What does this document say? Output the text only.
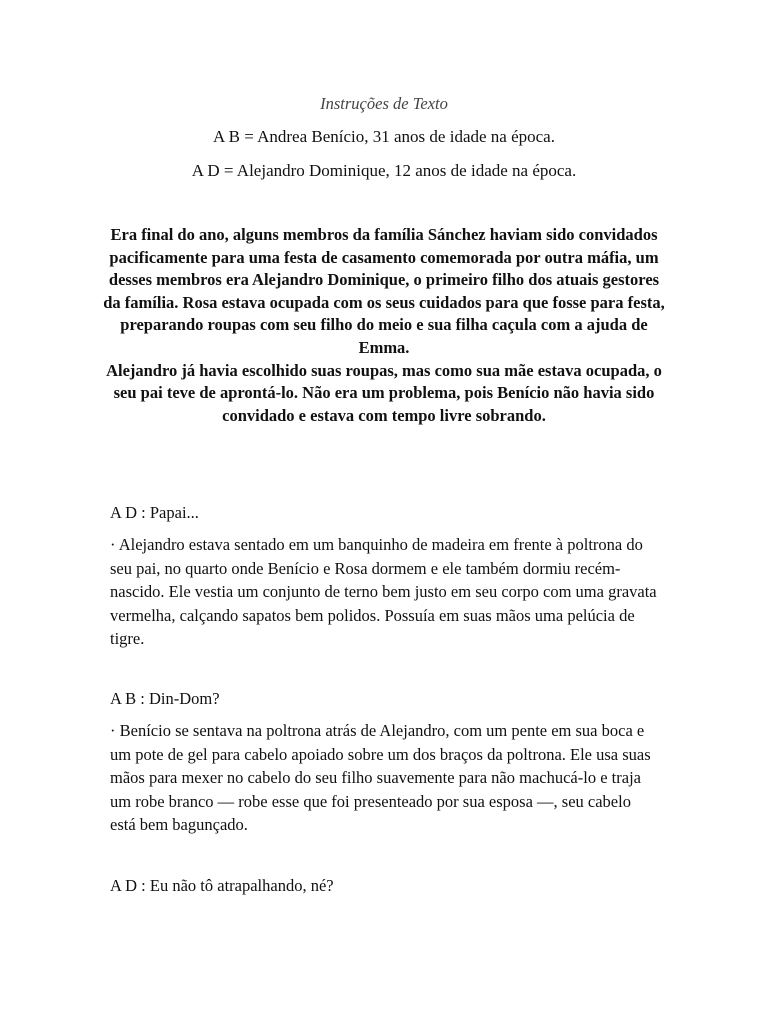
Instruções de Texto

A B = Andrea Benício, 31 anos de idade na época.

A D = Alejandro Dominique, 12 anos de idade na época.

Era final do ano, alguns membros da família Sánchez haviam sido convidados pacificamente para uma festa de casamento comemorada por outra máfia, um desses membros era Alejandro Dominique, o primeiro filho dos atuais gestores da família. Rosa estava ocupada com os seus cuidados para que fosse para festa, preparando roupas com seu filho do meio e sua filha caçula com a ajuda de Emma.

Alejandro já havia escolhido suas roupas, mas como sua mãe estava ocupada, o seu pai teve de aprontá-lo. Não era um problema, pois Benício não havia sido convidado e estava com tempo livre sobrando.

A D : Papai...

· Alejandro estava sentado em um banquinho de madeira em frente à poltrona do seu pai, no quarto onde Benício e Rosa dormem e ele também dormiu recém-nascido. Ele vestia um conjunto de terno bem justo em seu corpo com uma gravata vermelha, calçando sapatos bem polidos. Possuía em suas mãos uma pelúcia de tigre.

A B : Din-Dom?

· Benício se sentava na poltrona atrás de Alejandro, com um pente em sua boca e um pote de gel para cabelo apoiado sobre um dos braços da poltrona. Ele usa suas mãos para mexer no cabelo do seu filho suavemente para não machucá-lo e traja um robe branco — robe esse que foi presenteado por sua esposa —, seu cabelo está bem bagunçado.

A D : Eu não tô atrapalhando, né?
